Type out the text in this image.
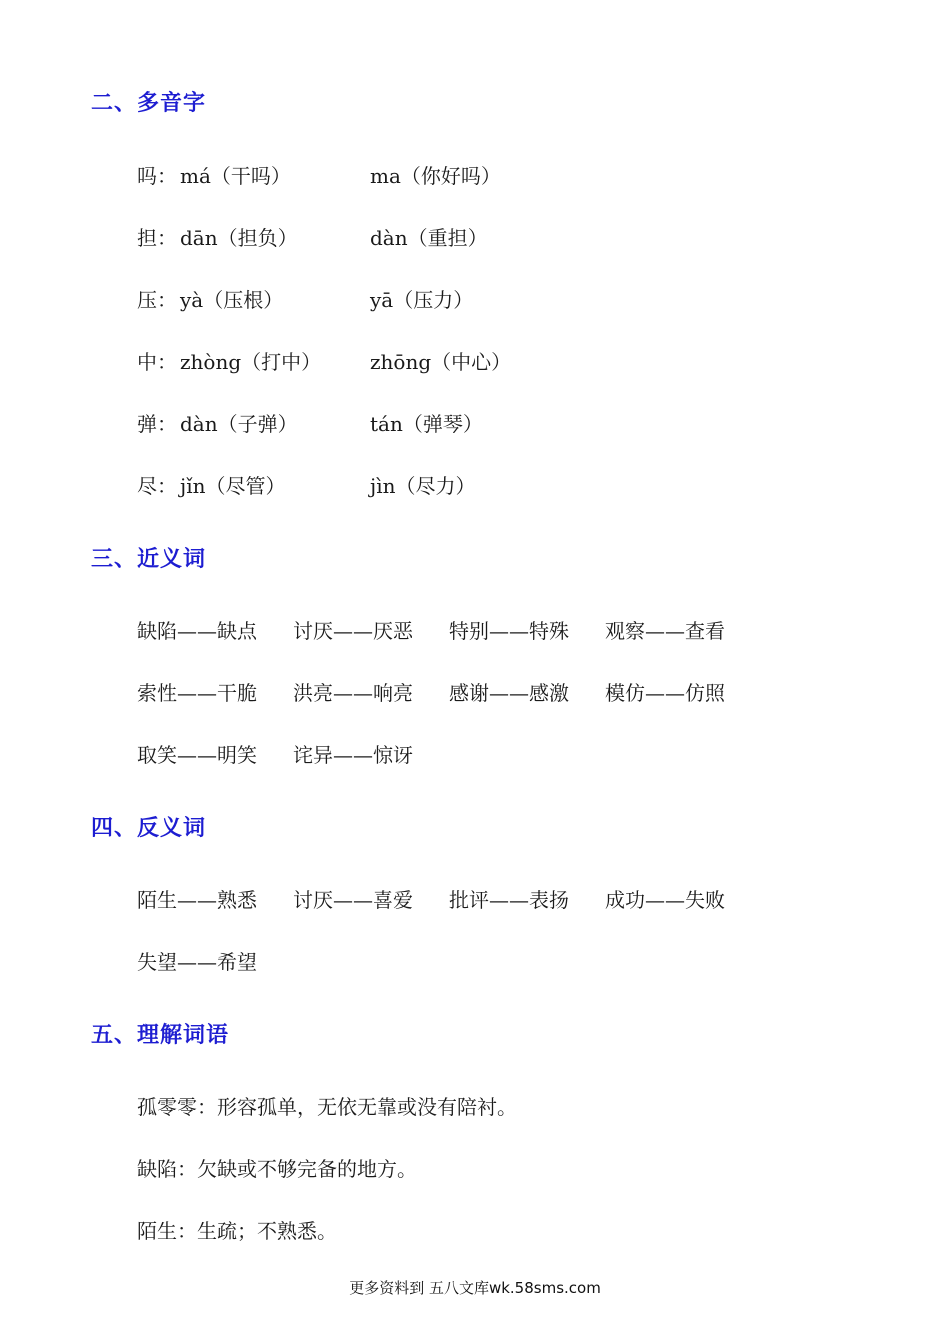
二、多音字
吗： má（干吗）	ma（你好吗）
担： dān（担负）	dàn（重担）
压： yà（压根）	yā（压力）
中： zhòng（打中） zhōng（中心）
弹： dàn（子弹）	tán（弹琴）
尽： jǐn（尽管）	jìn（尽力）
三、近义词
缺陷——缺点 讨厌——厌恶 特别——特殊 观察——查看
索性——干脆 洪亮——响亮 感谢——感激 模仿——仿照
取笑——明笑 诧异——惊讶
四、反义词
陌生——熟悉 讨厌——喜爱 批评——表扬 成功——失败
失望——希望
五、理解词语
孤零零：形容孤单，无依无靠或没有陪衬。
缺陷：欠缺或不够完备的地方。
陌生：生疏；不熟悉。
更多资料到 五八文库wk.58sms.com
